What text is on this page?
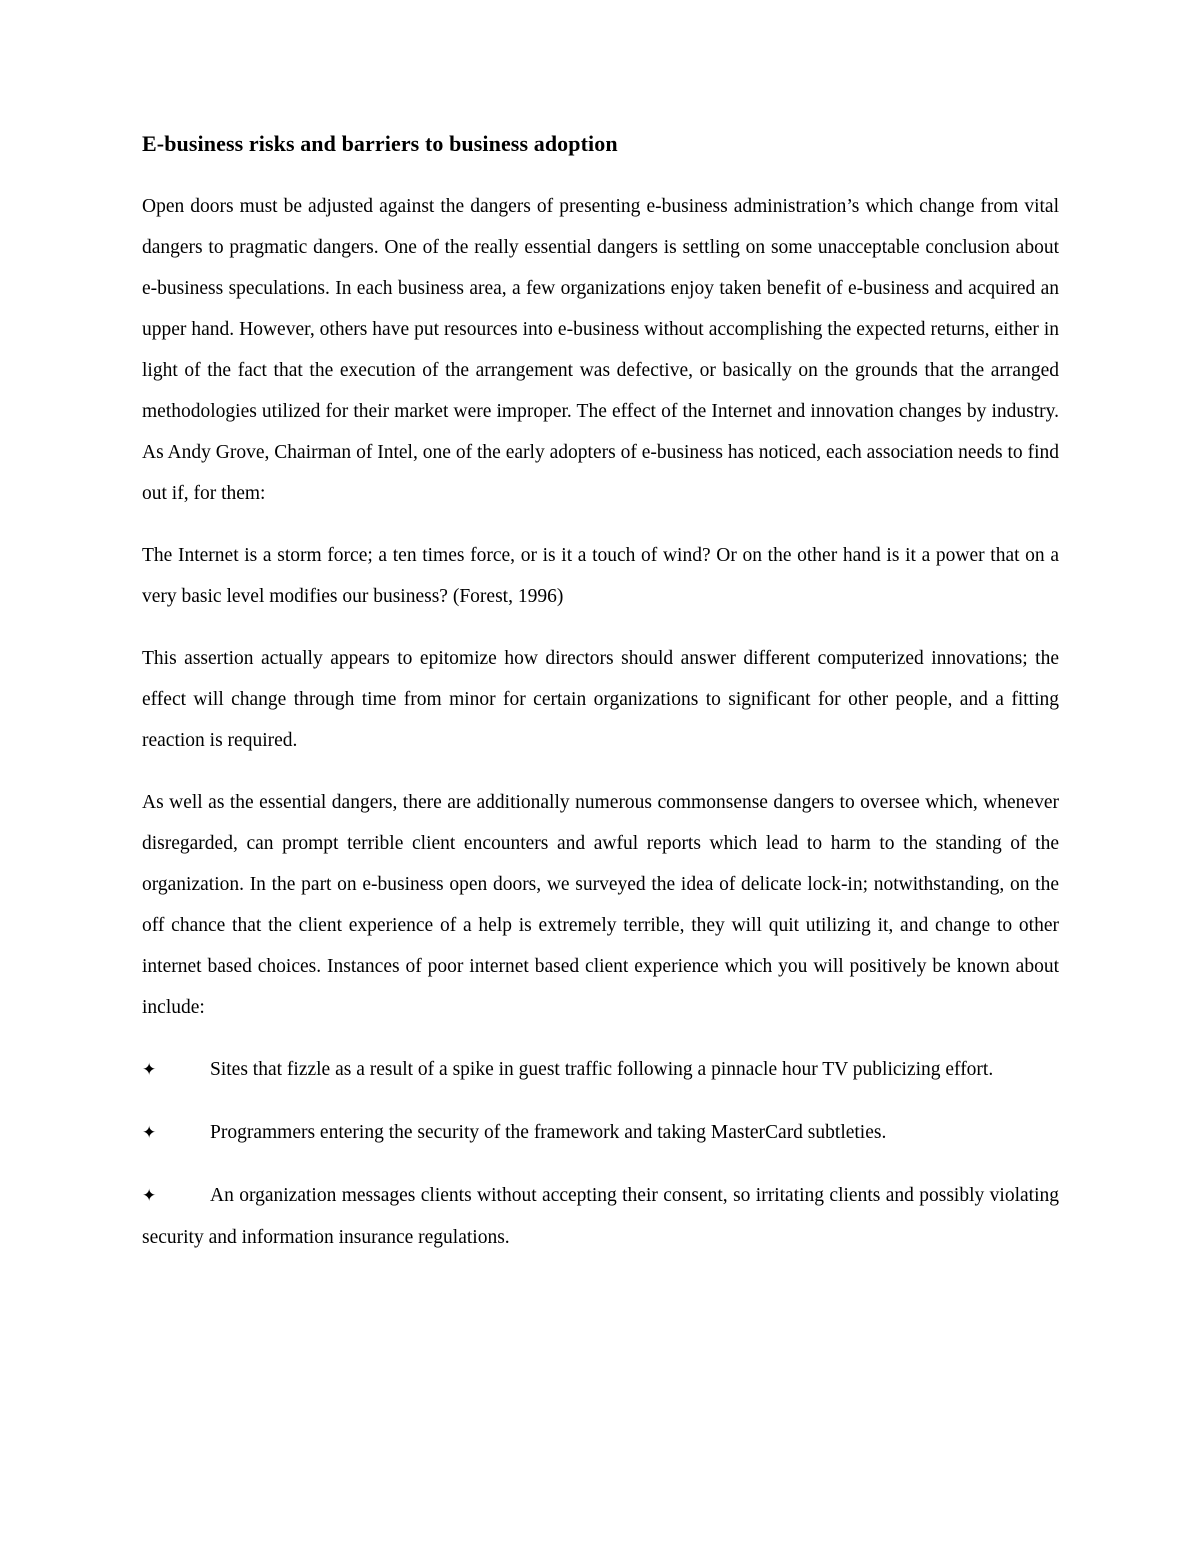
E-business risks and barriers to business adoption

Open doors must be adjusted against the dangers of presenting e-business administration’s which change from vital dangers to pragmatic dangers. One of the really essential dangers is settling on some unacceptable conclusion about e-business speculations. In each business area, a few organizations enjoy taken benefit of e-business and acquired an upper hand. However, others have put resources into e-business without accomplishing the expected returns, either in light of the fact that the execution of the arrangement was defective, or basically on the grounds that the arranged methodologies utilized for their market were improper. The effect of the Internet and innovation changes by industry. As Andy Grove, Chairman of Intel, one of the early adopters of e-business has noticed, each association needs to find out if, for them:

The Internet is a storm force; a ten times force, or is it a touch of wind? Or on the other hand is it a power that on a very basic level modifies our business? (Forest, 1996)

This assertion actually appears to epitomize how directors should answer different computerized innovations; the effect will change through time from minor for certain organizations to significant for other people, and a fitting reaction is required.

As well as the essential dangers, there are additionally numerous commonsense dangers to oversee which, whenever disregarded, can prompt terrible client encounters and awful reports which lead to harm to the standing of the organization. In the part on e-business open doors, we surveyed the idea of delicate lock-in; notwithstanding, on the off chance that the client experience of a help is extremely terrible, they will quit utilizing it, and change to other internet based choices. Instances of poor internet based client experience which you will positively be known about include:

✦	Sites that fizzle as a result of a spike in guest traffic following a pinnacle hour TV publicizing effort.

✦	Programmers entering the security of the framework and taking MasterCard subtleties.

✦	An organization messages clients without accepting their consent, so irritating clients and possibly violating security and information insurance regulations.
